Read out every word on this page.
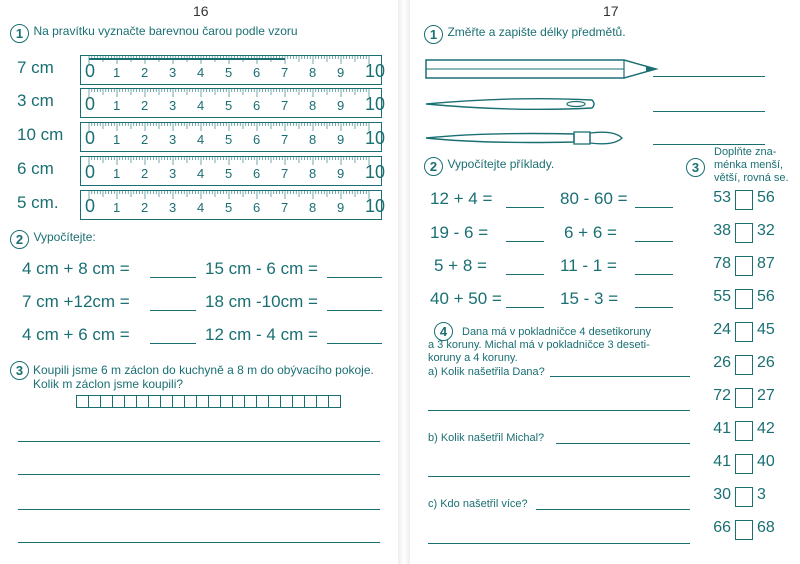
16
1 Na pravítku vyznačte barevnou čarou podle vzoru
7 cm 0 1 2 3 4 5 6 7 8 9 10
3 cm 0 1 2 3 4 5 6 7 8 9 10
10 cm 0 1 2 3 4 5 6 7 8 9 10
6 cm 0 1 2 3 4 5 6 7 8 9 10
5 cm. 0 1 2 3 4 5 6 7 8 9 10
2 Vypočítejte:
4 cm + 8 cm =	15 cm - 6 cm =
7 cm +12cm =	18 cm -10cm =
4 cm + 6 cm =	12 cm - 4 cm =
3 Koupili jsme 6 m záclon do kuchyně a 8 m do obývacího pokoje.
Kolik m záclon jsme koupili?
17
1 Změřte a zapište délky předmětů.
2 Vypočítejte příklady.
12 + 4 =	80 - 60 =
19 - 6 =	6 + 6 =
5 + 8 =	11 - 1 =
40 + 50 =	15 - 3 =
4	Dana má v pokladničce 4 desetikoruny
a 3 koruny. Michal má v pokladničce 3 deseti-
koruny a 4 koruny.
a) Kolik našetřila Dana?
b) Kolik našetřil Michal?
c) Kdo našetřil více?
3
Doplňte zna-
ménka menší,
větší, rovná se.
53 56
38 32
78 87
55 56
24 45
26 26
72 27
41 42
41 40
30 3
66 68
